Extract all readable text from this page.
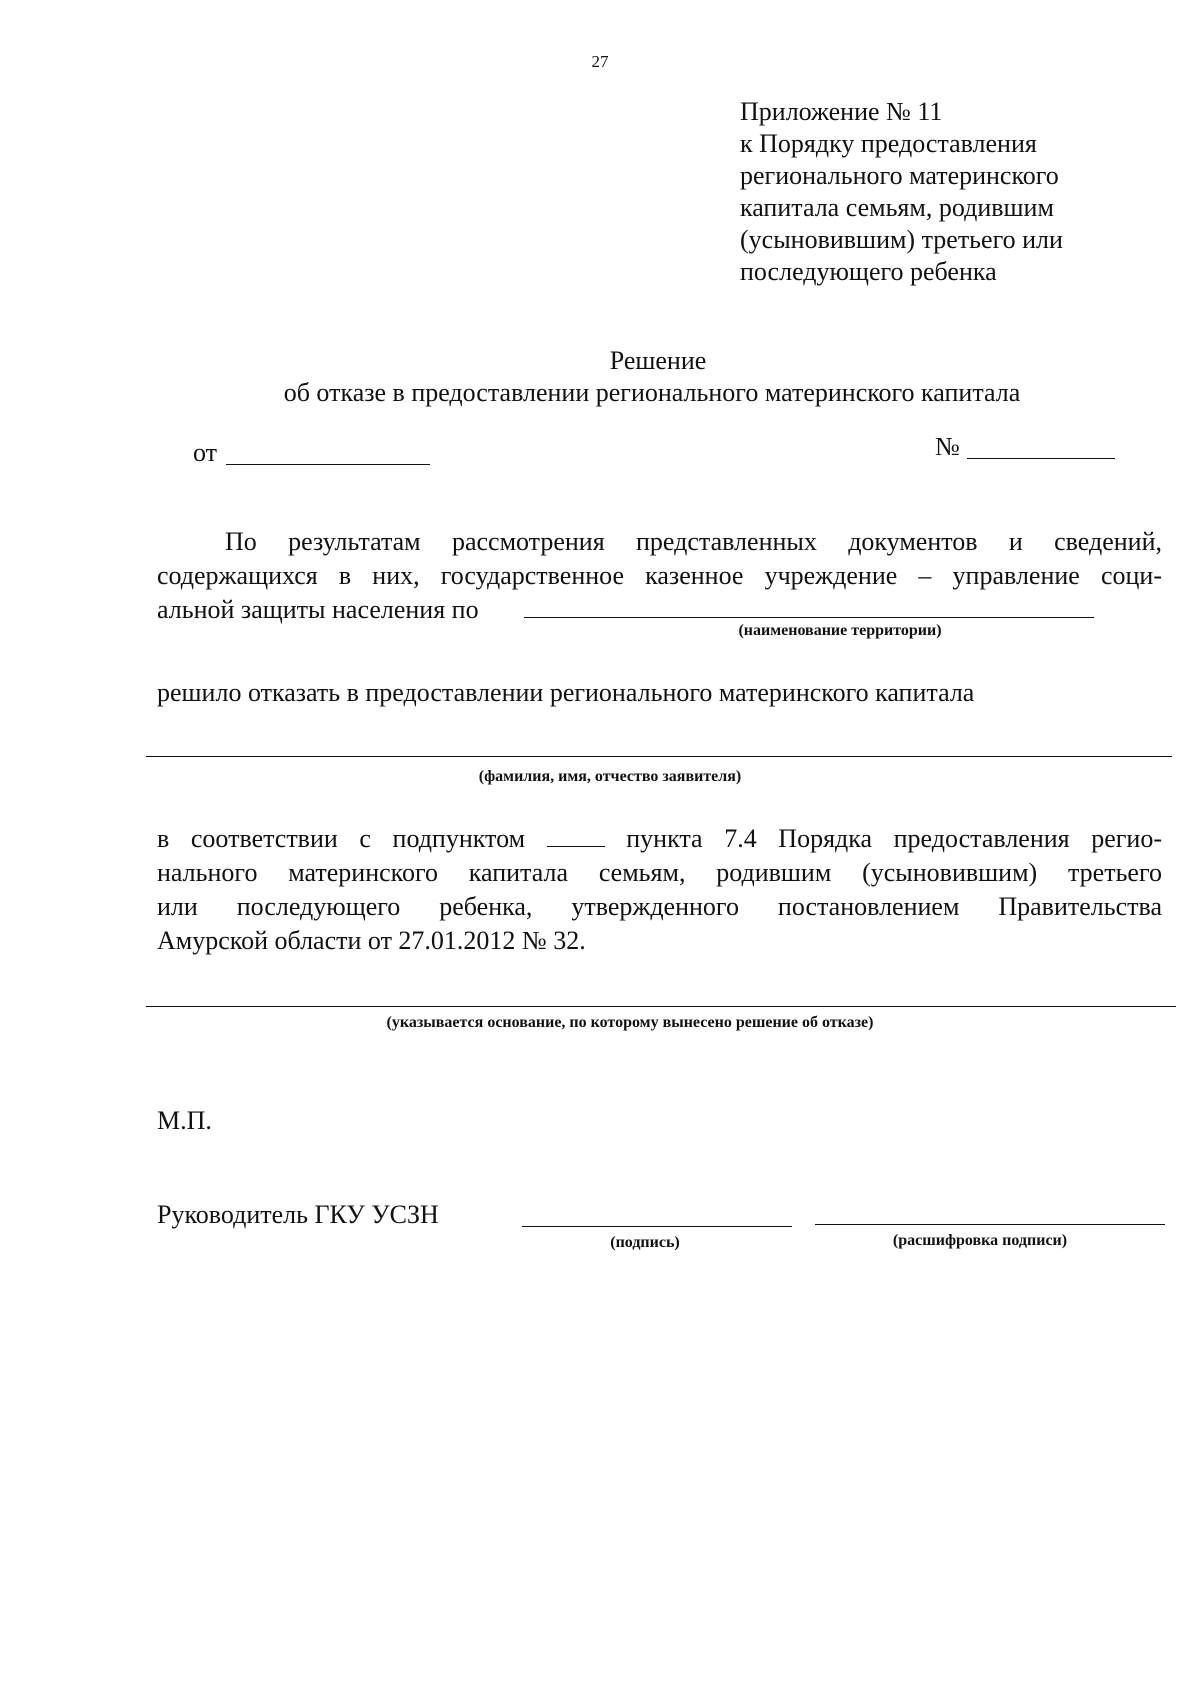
27
Приложение № 11
к Порядку предоставления
регионального материнского
капитала семьям, родившим
(усыновившим) третьего или
последующего ребенка
Решение
об отказе в предоставлении регионального материнского капитала
от	№
По результатам рассмотрения представленных документов и сведений,
содержащихся в них, государственное казенное учреждение – управление соци-
альной защиты населения по
(наименование территории)
решило отказать в предоставлении регионального материнского капитала
(фамилия, имя, отчество заявителя)
в соответствии с подпунктом	пункта 7.4 Порядка предоставления регио-
нального материнского капитала семьям, родившим (усыновившим) третьего
или последующего ребенка, утвержденного постановлением Правительства
Амурской области от 27.01.2012 № 32.
(указывается основание, по которому вынесено решение об отказе)
М.П.
Руководитель ГКУ УСЗН
(подпись)	(расшифровка подписи)
